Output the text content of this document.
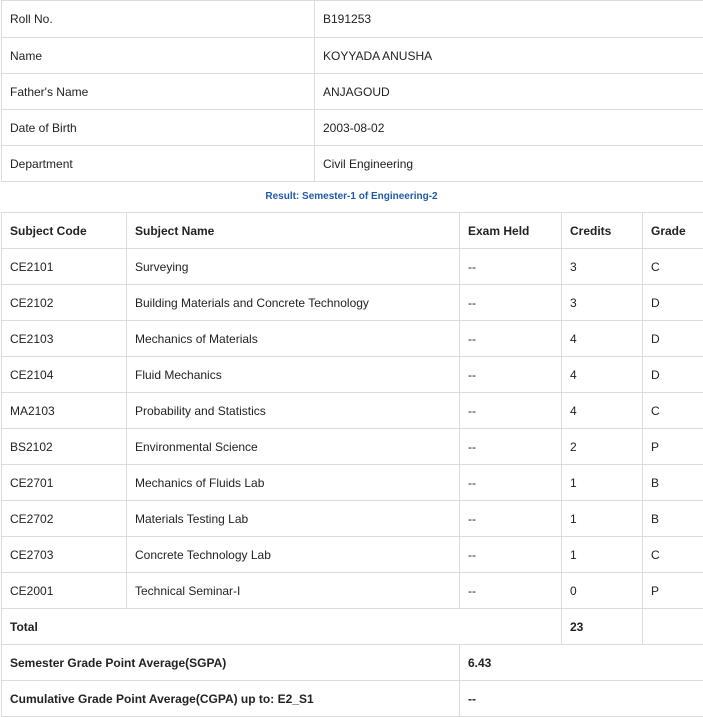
Roll No.	B191253
Name	KOYYADA ANUSHA
Father's Name	ANJAGOUD
Date of Birth	2003-08-02
Department	Civil Engineering
Result: Semester-1 of Engineering-2
Subject Code	Subject Name	Exam Held	Credits	Grade
CE2101	Surveying	--	3	C
CE2102	Building Materials and Concrete Technology	--	3	D
CE2103	Mechanics of Materials	--	4	D
CE2104	Fluid Mechanics	--	4	D
MA2103	Probability and Statistics	--	4	C
BS2102	Environmental Science	--	2	P
CE2701	Mechanics of Fluids Lab	--	1	B
CE2702	Materials Testing Lab	--	1	B
CE2703	Concrete Technology Lab	--	1	C
CE2001	Technical Seminar-I	--	0	P
Total			23	
Semester Grade Point Average(SGPA)		6.43		
Cumulative Grade Point Average(CGPA) up to: E2_S1		--		
